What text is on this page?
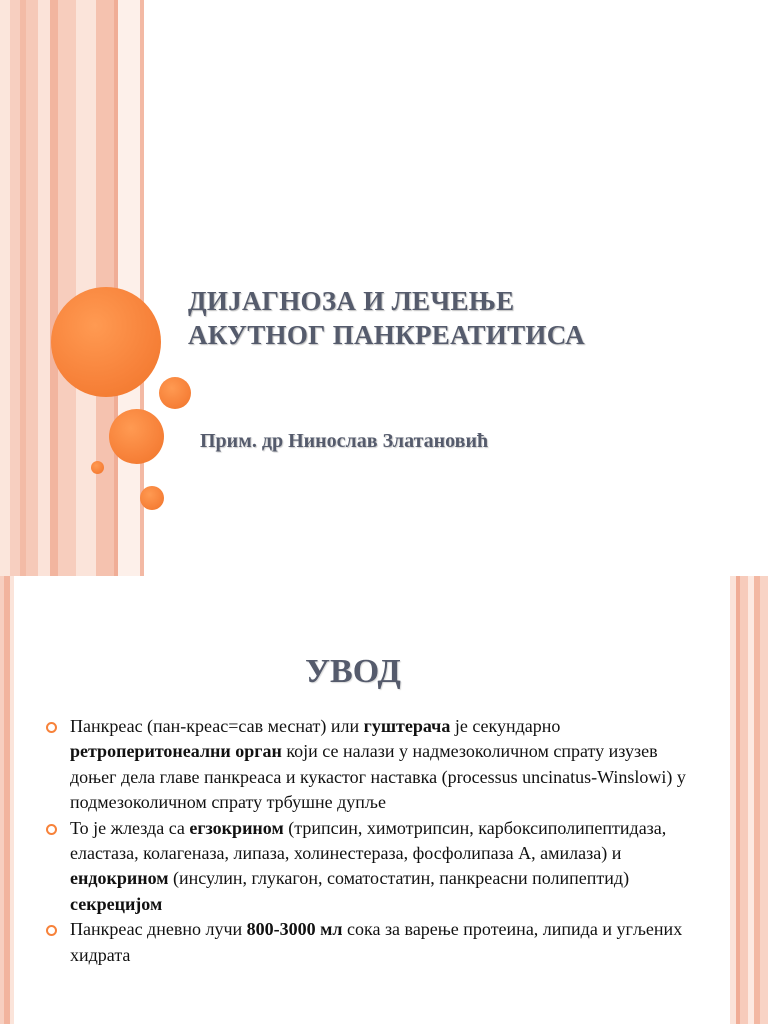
ДИЈАГНОЗА И ЛЕЧЕЊЕ
АКУТНОГ ПАНКРЕАТИТИСА

Прим. др Нинослав Златановић

УВОД
Панкреас (пан-креас=сав меснат) или гуштерача је секундарно ретроперитонеални орган који се налази у надмезоколичном спрату изузев доњег дела главе панкреаса и кукастог наставка (processus uncinatus-Winslowi) у подмезоколичном спрату трбушне дупље
То је жлезда са егзокрином (трипсин, химотрипсин, карбоксиполипептидаза, еластаза, колагеназа, липаза, холинестераза, фосфолипаза А, амилаза) и ендокрином (инсулин, глукагон, соматостатин, панкреасни полипептид) секрецијом
Панкреас дневно лучи 800-3000 мл сока за варење протеина, липида и угљених хидрата
